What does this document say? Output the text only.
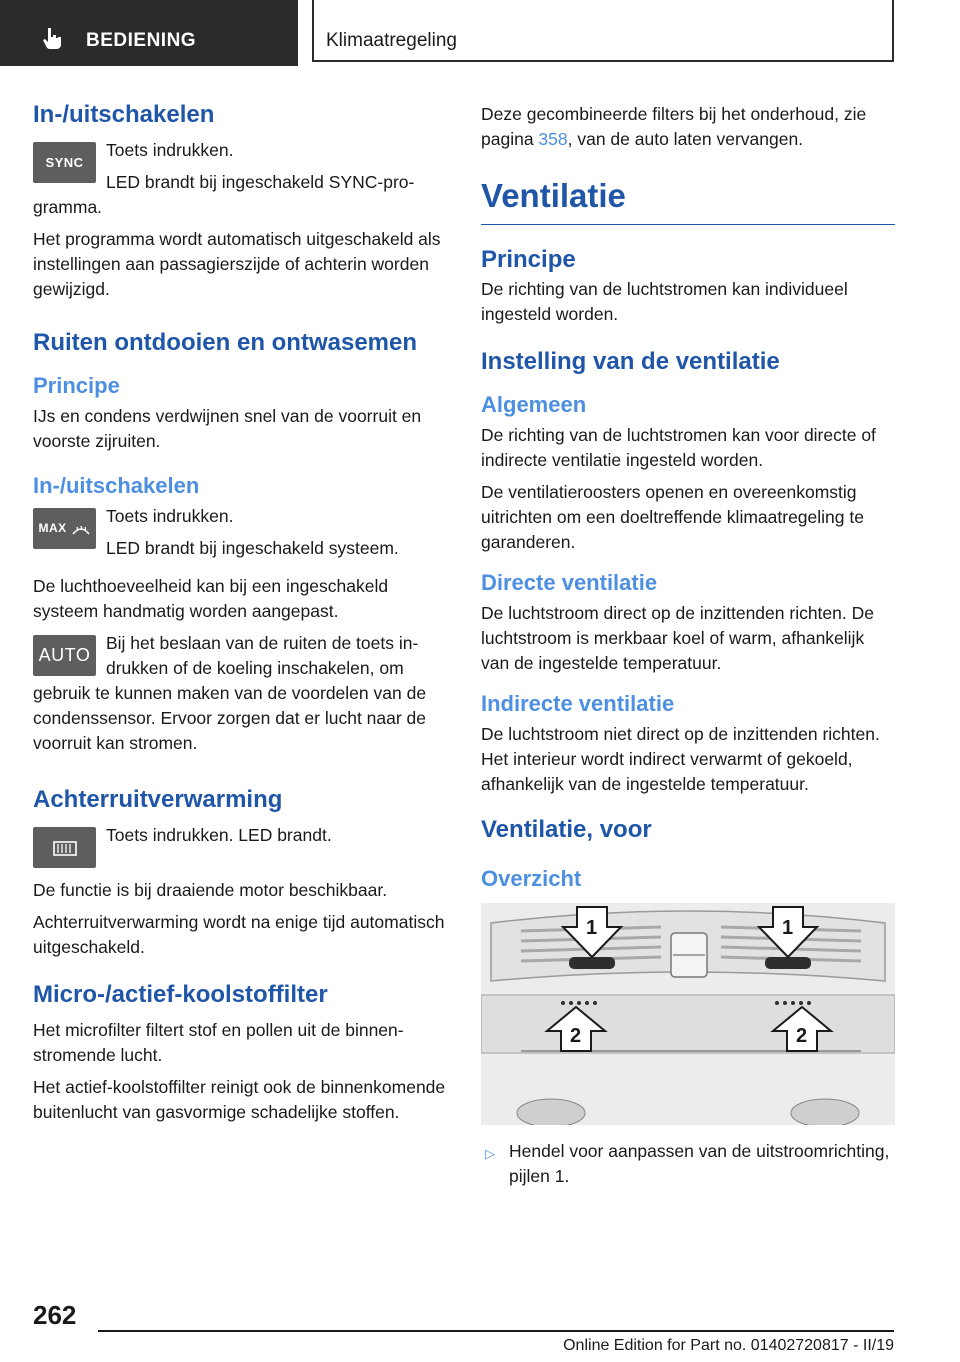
BEDIENING	Klimaatregeling
In-/uitschakelen
SYNC

Toets indrukken.

LED brandt bij ingeschakeld SYNC-programma.

Het programma wordt automatisch uitgeschakeld als instellingen aan passagierszijde of achterin worden gewijzigd.

Ruiten ontdooien en ontwasemen
Principe

IJs en condens verdwijnen snel van de voorruit en voorste zijruiten.

In-/uitschakelen
MAX

Toets indrukken.

LED brandt bij ingeschakeld systeem.

De luchthoeveelheid kan bij een ingeschakeld systeem handmatig worden aangepast.

AUTO

Bij het beslaan van de ruiten de toets indrukken of de koeling inschakelen, om gebruik te kunnen maken van de voordelen van de condenssensor. Ervoor zorgen dat er lucht naar de voorruit kan stromen.

Achterruitverwarming

Toets indrukken. LED brandt.

De functie is bij draaiende motor beschikbaar.

Achterruitverwarming wordt na enige tijd automatisch uitgeschakeld.

Micro-/actief-koolstoffilter

Het microfilter filtert stof en pollen uit de binnenstromende lucht.

Het actief-koolstoffilter reinigt ook de binnenkomende buitenlucht van gasvormige schadelijke stoffen.

Deze gecombineerde filters bij het onderhoud, zie pagina 358, van de auto laten vervangen.

Ventilatie
Principe

De richting van de luchtstromen kan individueel ingesteld worden.

Instelling van de ventilatie
Algemeen

De richting van de luchtstromen kan voor directe of indirecte ventilatie ingesteld worden.

De ventilatieroosters openen en overeenkomstig uitrichten om een doeltreffende klimaatregeling te garanderen.

Directe ventilatie

De luchtstroom direct op de inzittenden richten. De luchtstroom is merkbaar koel of warm, afhankelijk van de ingestelde temperatuur.

Indirecte ventilatie

De luchtstroom niet direct op de inzittenden richten. Het interieur wordt indirect verwarmt of gekoeld, afhankelijk van de ingestelde temperatuur.

Ventilatie, voor
Overzicht
1	1
2	2

▷ Hendel voor aanpassen van de uitstroomrichting, pijlen 1.

262
Online Edition for Part no. 01402720817 - II/19
